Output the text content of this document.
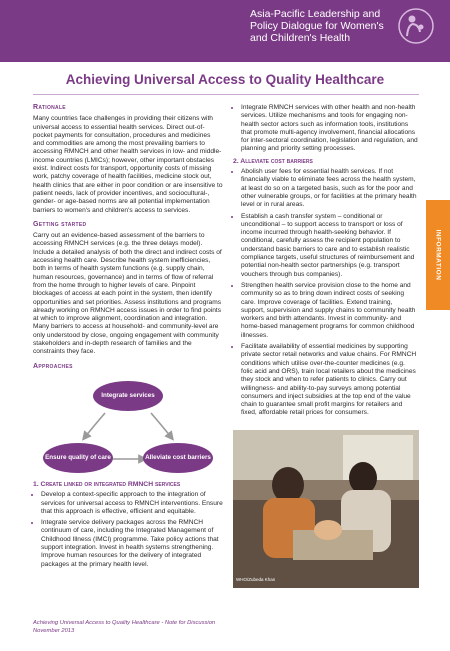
Asia-Pacific Leadership and
Policy Dialogue for Women's
and Children's Health
Achieving Universal Access to Quality Healthcare
INFORMATION
Rationale

Many countries face challenges in providing their citizens with universal access to essential health services. Direct out-of-pocket payments for consultation, procedures and medicines and commodities are among the most prevailing barriers to accessing RMNCH and other health services in low- and middle-income countries (LMICs); however, other important obstacles exist. Indirect costs for transport, opportunity costs of missing work, patchy coverage of health facilities, medicine stock out, health clinics that are either in poor condition or are insensitive to patient needs, lack of provider incentives, and sociocultural-, gender- or age-based norms are all potential implementation barriers to women's and children's access to services.

Getting started

Carry out an evidence-based assessment of the barriers to accessing RMNCH services (e.g. the three delays model). Include a detailed analysis of both the direct and indirect costs of accessing health care. Describe health system inefficiencies, both in terms of health system functions (e.g. supply chain, human resources, governance) and in terms of flow of referral from the home through to higher levels of care. Pinpoint blockages of access at each point in the system, then identify opportunities and set priorities. Assess institutions and programs already working on RMNCH access issues in order to find points at which to improve alignment, coordination and integration. Many barriers to access at household- and community-level are only understood by close, ongoing engagement with community stakeholders and in-depth research of families and the constraints they face.

Approaches
Integrate services
Ensure quality of care	Alleviate cost barriers
1. Create linked or integrated RMNCH services
• Develop a context-specific approach to the integration of services for universal access to RMNCH interventions. Ensure that this approach is effective, efficient and equitable.
• Integrate service delivery packages across the RMNCH continuum of care, including the Integrated Management of Childhood Illness (IMCI) programme. Take policy actions that support integration. Invest in health systems strengthening. Improve human resources for the delivery of integrated packages at the primary health level.
• Integrate RMNCH services with other health and non-health services. Utilize mechanisms and tools for engaging non-health sector actors such as information tools, institutions that promote multi-agency involvement, financial allocations for inter-sectoral coordination, legislation and regulation, and planning and priority setting processes.
2. Alleviate cost barriers
• Abolish user fees for essential health services. If not financially viable to eliminate fees across the health system, at least do so on a targeted basis, such as for the poor and other vulnerable groups, or for facilities at the primary health level or in rural areas.
• Establish a cash transfer system – conditional or unconditional – to support access to transport or loss of income incurred through health-seeking behavior. If conditional, carefully assess the recipient population to understand basic barriers to care and to establish realistic compliance targets, useful structures of reimbursement and potential non-health sector partnerships (e.g. transport vouchers through bus companies).
• Strengthen health service provision close to the home and community so as to bring down indirect costs of seeking care. Improve coverage of facilities. Extend training, support, supervision and supply chains to community health workers and birth attendants. Invest in community- and home-based management programs for common childhood illnesses.
• Facilitate availability of essential medicines by supporting private sector retail networks and value chains. For RMNCH conditions which utilise over-the-counter medicines (e.g. folic acid and ORS), train local retailers about the medicines they stock and when to refer patients to clinics. Carry out willingness- and ability-to-pay surveys among potential consumers and inject subsidies at the top end of the value chain to guarantee small profit margins for retailers and fixed, affordable retail prices for consumers.
WHO/Zubeda Khan
Achieving Universal Access to Quality Healthcare - Note for Discussion
November 2013
